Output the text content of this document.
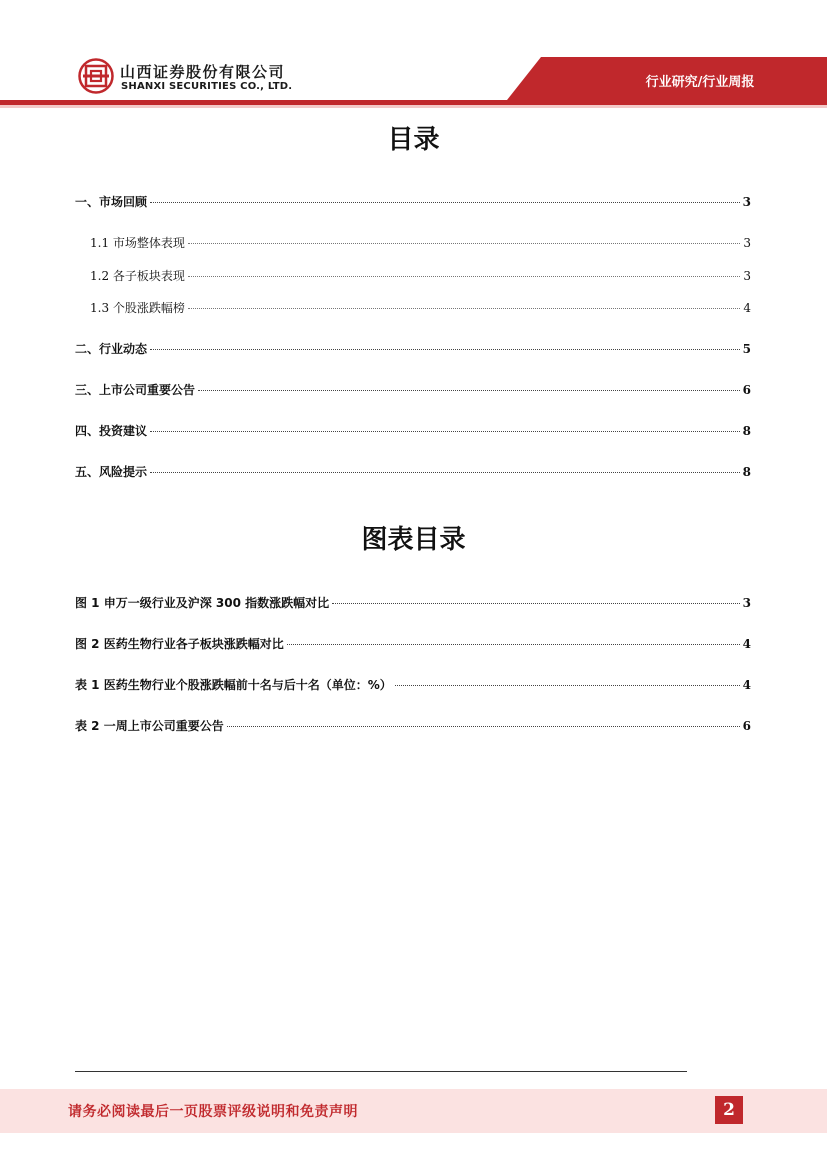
山西证券股份有限公司
SHANXI SECURITIES CO., LTD.	行业研究/行业周报
目录
一、市场回顾	3
1.1 市场整体表现	3
1.2 各子板块表现	3
1.3 个股涨跌幅榜	4
二、行业动态	5
三、上市公司重要公告	6
四、投资建议	8
五、风险提示	8
图表目录
图 1 申万一级行业及沪深 300 指数涨跌幅对比	3
图 2 医药生物行业各子板块涨跌幅对比	4
表 1 医药生物行业个股涨跌幅前十名与后十名（单位：%）	4
表 2 一周上市公司重要公告	6
请务必阅读最后一页股票评级说明和免责声明	2
